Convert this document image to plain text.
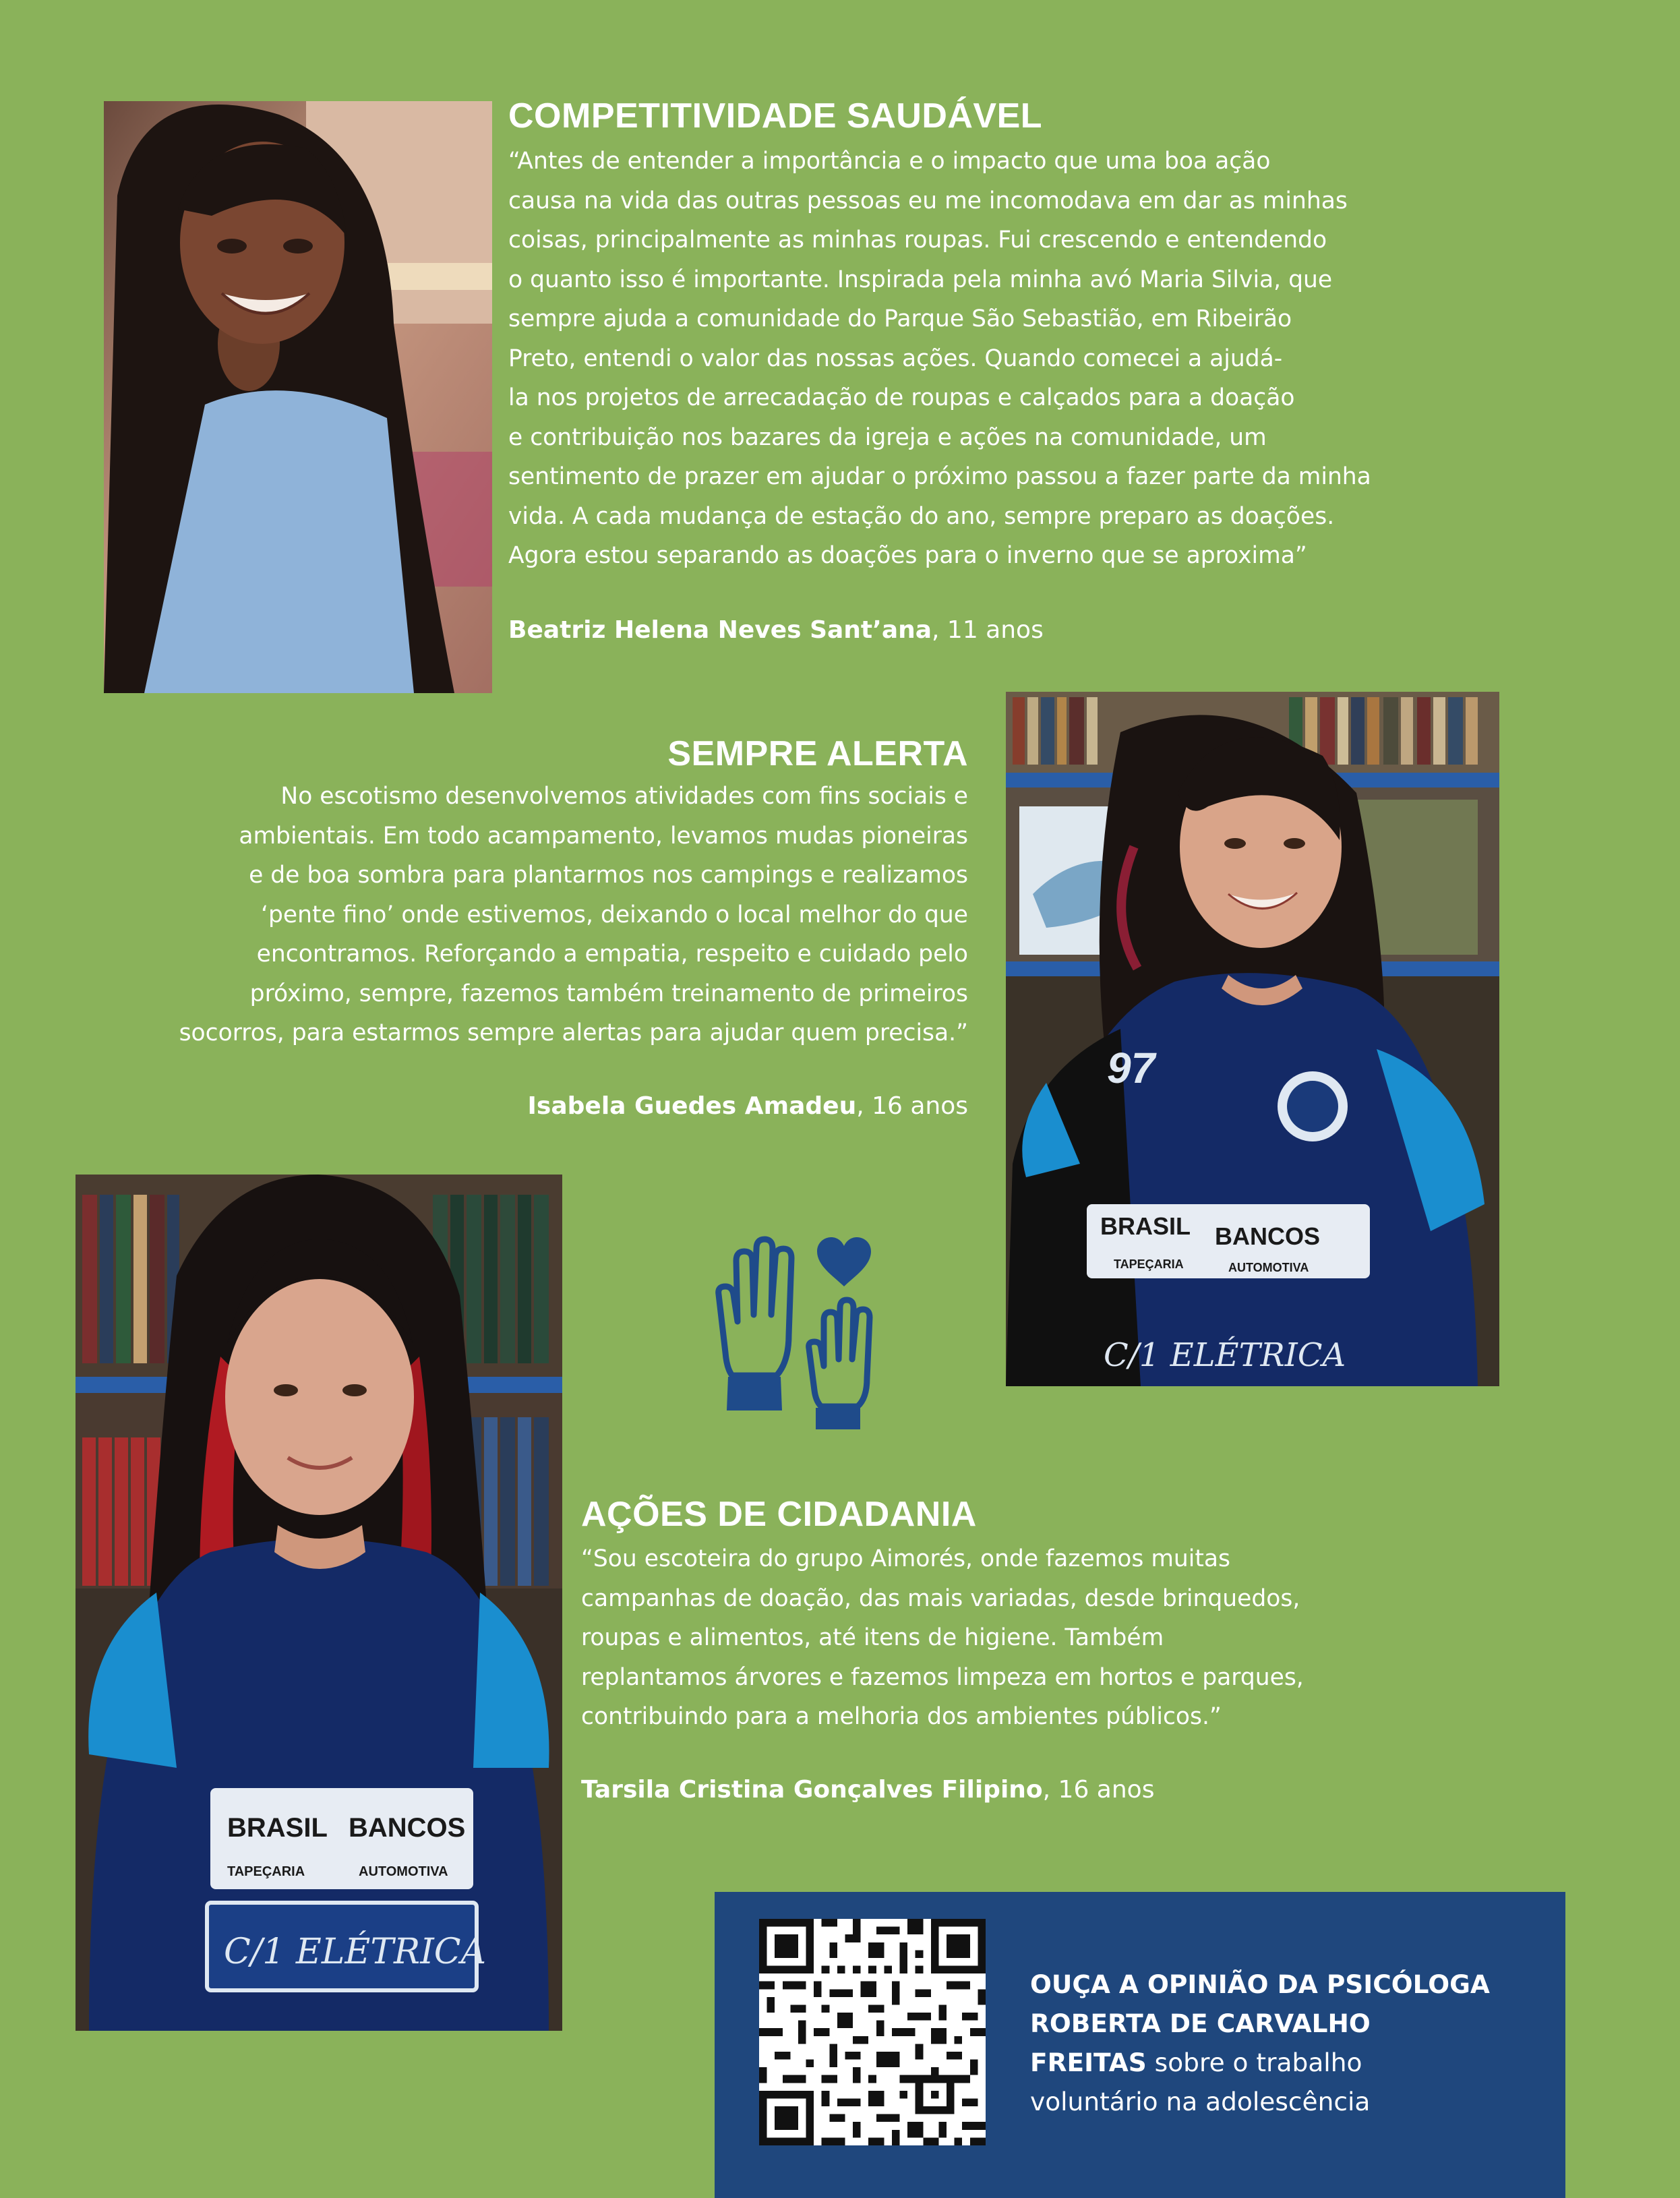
BRASIL BANCOS
TAPEÇARIA	AUTOMOTIVA
C/1 ELÉTRICA
97
BRASIL BANCOS
TAPEÇARIA	AUTOMOTIVA
C/1 ELÉTRICA
COMPETITIVIDADE SAUDÁVEL
“Antes de entender a importância e o impacto que uma boa ação
causa na vida das outras pessoas eu me incomodava em dar as minhas
coisas, principalmente as minhas roupas. Fui crescendo e entendendo
o quanto isso é importante. Inspirada pela minha avó Maria Silvia, que
sempre ajuda a comunidade do Parque São Sebastião, em Ribeirão
Preto, entendi o valor das nossas ações. Quando comecei a ajudá-
la nos projetos de arrecadação de roupas e calçados para a doação
e contribuição nos bazares da igreja e ações na comunidade, um
sentimento de prazer em ajudar o próximo passou a fazer parte da minha
vida. A cada mudança de estação do ano, sempre preparo as doações.
Agora estou separando as doações para o inverno que se aproxima”

Beatriz Helena Neves Sant’ana, 11 anos

SEMPRE ALERTA
No escotismo desenvolvemos atividades com fins sociais e
ambientais. Em todo acampamento, levamos mudas pioneiras
e de boa sombra para plantarmos nos campings e realizamos
‘pente fino’ onde estivemos, deixando o local melhor do que
encontramos. Reforçando a empatia, respeito e cuidado pelo
próximo, sempre, fazemos também treinamento de primeiros
socorros, para estarmos sempre alertas para ajudar quem precisa.”

Isabela Guedes Amadeu, 16 anos

AÇÕES DE CIDADANIA
“Sou escoteira do grupo Aimorés, onde fazemos muitas
campanhas de doação, das mais variadas, desde brinquedos,
roupas e alimentos, até itens de higiene. Também
replantamos árvores e fazemos limpeza em hortos e parques,
contribuindo para a melhoria dos ambientes públicos.”

Tarsila Cristina Gonçalves Filipino, 16 anos

OUÇA A OPINIÃO DA PSICÓLOGA
ROBERTA DE CARVALHO
FREITAS sobre o trabalho
voluntário na adolescência
